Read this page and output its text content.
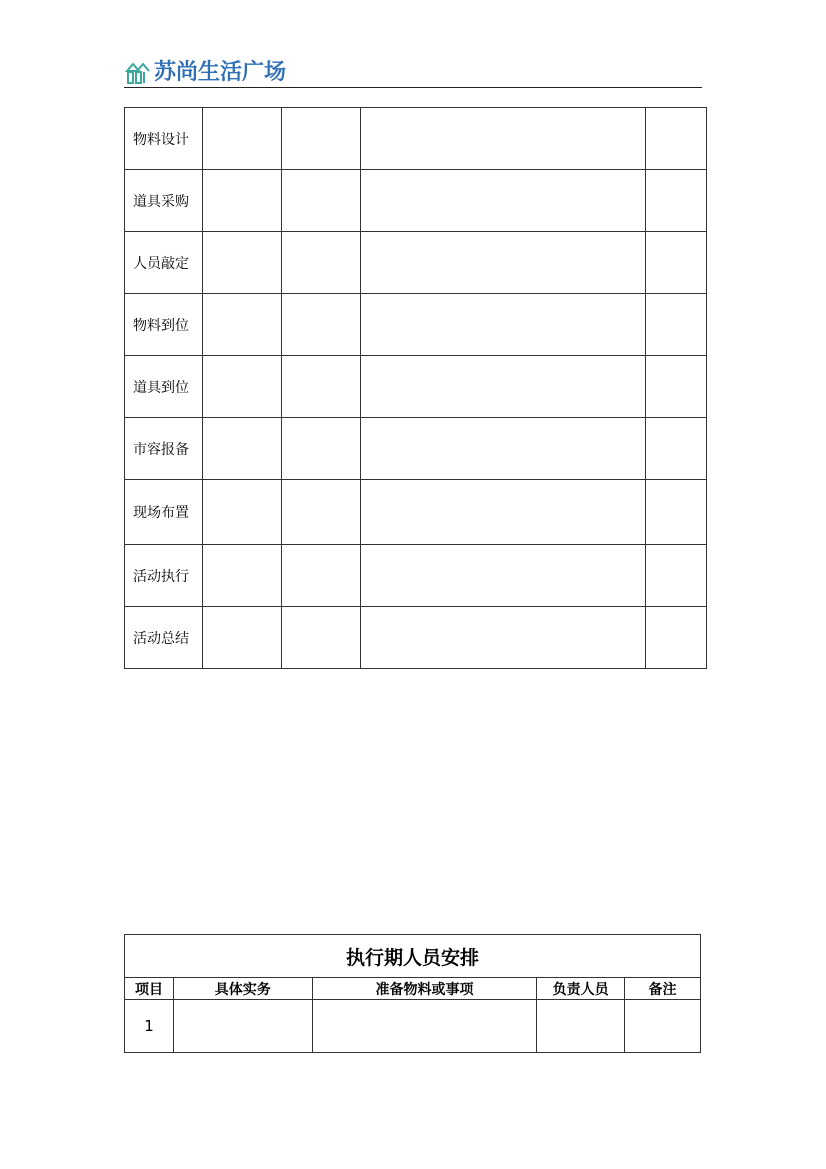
苏尚生活广场
物料设计				
道具采购				
人员敲定				
物料到位				
道具到位				
市容报备				
现场布置				
活动执行				
活动总结				
执行期人员安排				
项目	具体实务	准备物料或事项	负责人员	备注
1				
